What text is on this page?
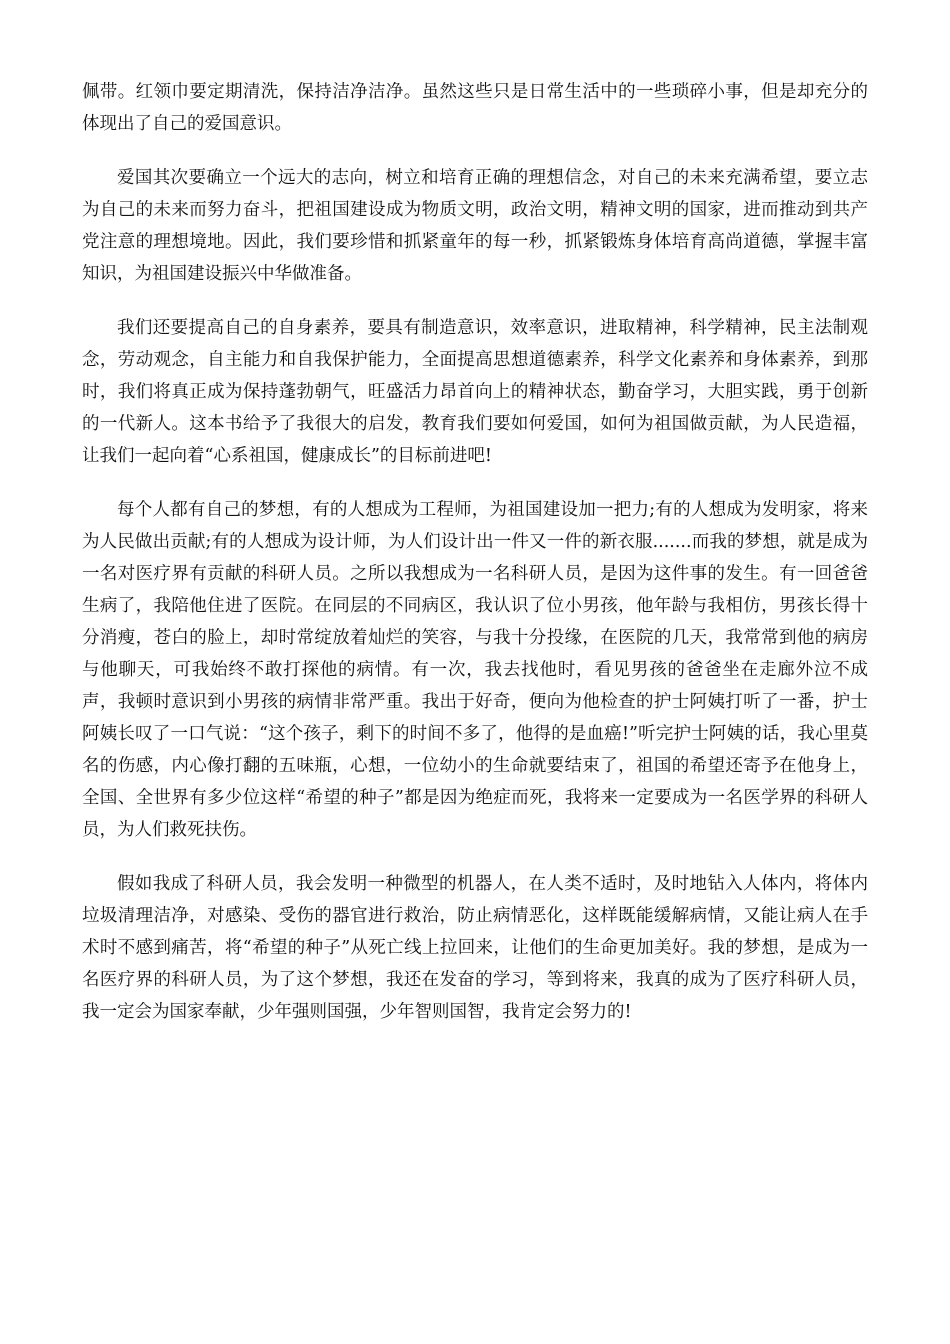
佩带。红领巾要定期清洗，保持洁净洁净。虽然这些只是日常生活中的一些琐碎小事，但是却充分的体现出了自己的爱国意识。

爱国其次要确立一个远大的志向，树立和培育正确的理想信念，对自己的未来充满希望，要立志为自己的未来而努力奋斗，把祖国建设成为物质文明，政治文明，精神文明的国家，进而推动到共产党注意的理想境地。因此，我们要珍惜和抓紧童年的每一秒，抓紧锻炼身体培育高尚道德，掌握丰富知识，为祖国建设振兴中华做准备。

我们还要提高自己的自身素养，要具有制造意识，效率意识，进取精神，科学精神，民主法制观念，劳动观念，自主能力和自我保护能力，全面提高思想道德素养，科学文化素养和身体素养，到那时，我们将真正成为保持蓬勃朝气，旺盛活力昂首向上的精神状态，勤奋学习，大胆实践，勇于创新的一代新人。这本书给予了我很大的启发，教育我们要如何爱国，如何为祖国做贡献，为人民造福，让我们一起向着“心系祖国，健康成长”的目标前进吧!

每个人都有自己的梦想，有的人想成为工程师，为祖国建设加一把力;有的人想成为发明家，将来为人民做出贡献;有的人想成为设计师，为人们设计出一件又一件的新衣服.......而我的梦想，就是成为一名对医疗界有贡献的科研人员。之所以我想成为一名科研人员，是因为这件事的发生。有一回爸爸生病了，我陪他住进了医院。在同层的不同病区，我认识了位小男孩，他年龄与我相仿，男孩长得十分消瘦，苍白的脸上，却时常绽放着灿烂的笑容，与我十分投缘，在医院的几天，我常常到他的病房与他聊天，可我始终不敢打探他的病情。有一次，我去找他时，看见男孩的爸爸坐在走廊外泣不成声，我顿时意识到小男孩的病情非常严重。我出于好奇，便向为他检查的护士阿姨打听了一番，护士阿姨长叹了一口气说：“这个孩子，剩下的时间不多了，他得的是血癌!”听完护士阿姨的话，我心里莫名的伤感，内心像打翻的五味瓶，心想，一位幼小的生命就要结束了，祖国的希望还寄予在他身上，全国、全世界有多少位这样“希望的种子”都是因为绝症而死，我将来一定要成为一名医学界的科研人员，为人们救死扶伤。

假如我成了科研人员，我会发明一种微型的机器人，在人类不适时，及时地钻入人体内，将体内垃圾清理洁净，对感染、受伤的器官进行救治，防止病情恶化，这样既能缓解病情，又能让病人在手术时不感到痛苦，将“希望的种子”从死亡线上拉回来，让他们的生命更加美好。我的梦想，是成为一名医疗界的科研人员，为了这个梦想，我还在发奋的学习，等到将来，我真的成为了医疗科研人员，我一定会为国家奉献，少年强则国强，少年智则国智，我肯定会努力的!
